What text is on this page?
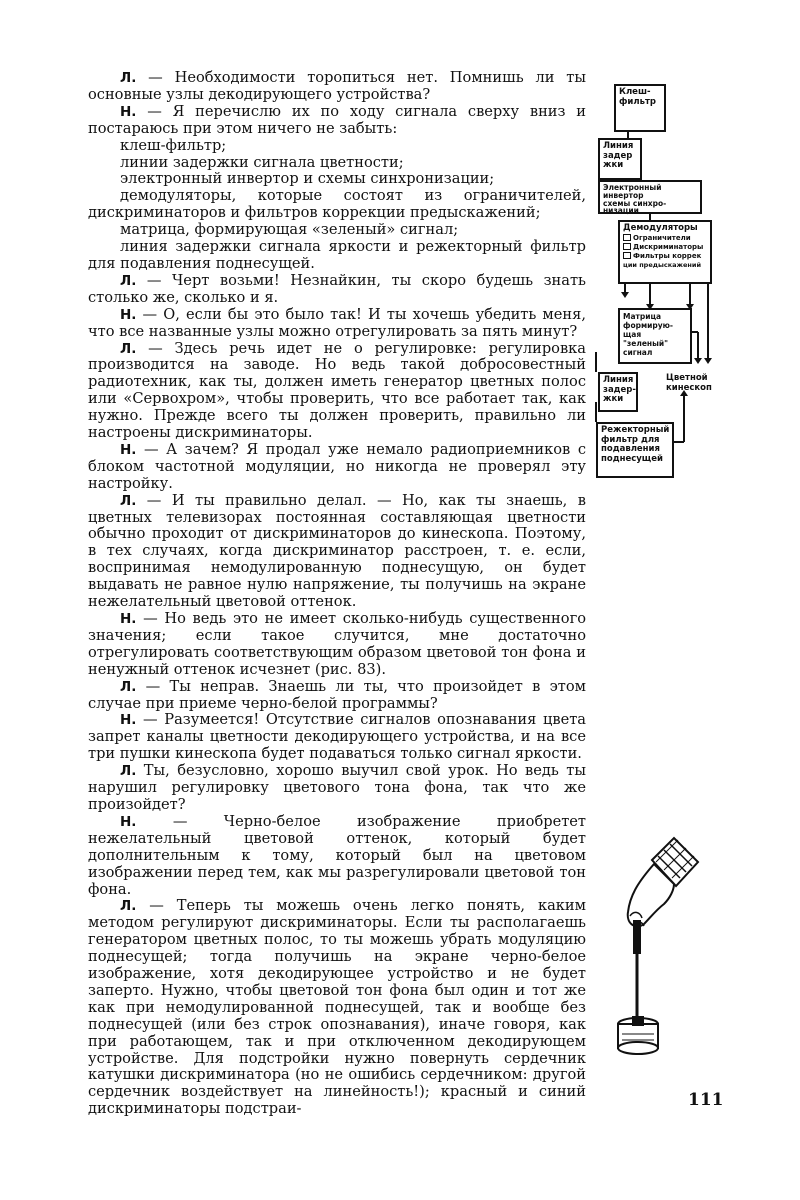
Л. — Необходимости торопиться нет. Помнишь ли ты основные узлы декодирующего устройства?

Н. — Я перечислю их по ходу сигнала сверху вниз и постараюсь при этом ничего не забыть:

клеш-фильтр;

линии задержки сигнала цветности;

электронный инвертор и схемы синхронизации;

демодуляторы, которые состоят из ограничителей, дискриминаторов и фильтров коррекции предыскажений;

матрица, формирующая «зеленый» сигнал;

линия задержки сигнала яркости и режекторный фильтр для подавления поднесущей.

Л. — Черт возьми! Незнайкин, ты скоро будешь знать столько же, сколько и я.

Н. — О, если бы это было так! И ты хочешь убедить меня, что все названные узлы можно отрегулировать за пять минут?

Л. — Здесь речь идет не о регулировке: регулировка производится на заводе. Но ведь такой добросовестный радиотехник, как ты, должен иметь генератор цветных полос или «Сервохром», чтобы проверить, что все работает так, как нужно. Прежде всего ты должен проверить, правильно ли настроены дискриминаторы.

Н. — А зачем? Я продал уже немало радиоприемников с блоком частотной модуляции, но никогда не проверял эту настройку.

Л. — И ты правильно делал. — Но, как ты знаешь, в цветных телевизорах постоянная составляющая цветности обычно проходит от дискриминаторов до кинескопа. Поэтому, в тех случаях, когда дискриминатор расстроен, т. е. если, воспринимая немодулированную поднесущую, он будет выдавать не равное нулю напряжение, ты получишь на экране нежелательный цветовой оттенок.

Н. — Но ведь это не имеет сколько-нибудь существенного значения; если такое случится, мне достаточно отрегулировать соответствующим образом цветовой тон фона и ненужный оттенок исчезнет (рис. 83).

Л. — Ты неправ. Знаешь ли ты, что произойдет в этом случае при приеме черно-белой программы?

Н. — Разумеется! Отсутствие сигналов опознавания цвета запрет каналы цветности декодирующего устройства, и на все три пушки кинескопа будет подаваться только сигнал яркости.

Л. Ты, безусловно, хорошо выучил свой урок. Но ведь ты нарушил регулировку цветового тона фона, так что же произойдет?

Н. — Черно-белое изображение приобретет нежелательный цветовой оттенок, который будет дополнительным к тому, который был на цветовом изображении перед тем, как мы разрегулировали цветовой тон фона.

Л. — Теперь ты можешь очень легко понять, каким методом регулируют дискриминаторы. Если ты располагаешь генератором цветных полос, то ты можешь убрать модуляцию поднесущей; тогда получишь на экране черно-белое изображение, хотя декодирующее устройство и не будет заперто. Нужно, чтобы цветовой тон фона был один и тот же как при немодулированной поднесущей, так и вообще без поднесущей (или без строк опознавания), иначе говоря, как при работающем, так и при отключенном декодирующем устройстве. Для подстройки нужно повернуть сердечник катушки дискриминатора (но не ошибись сердечником: другой сердечник воздействует на линейность!); красный и синий дискриминаторы подстраи-

Клеш-
фильтр
Линия
задер
жки
Электронный
инвертор
схемы синхро-
низации
Демодуляторы
Ограничители
Дискриминаторы
Фильтры коррек
ции предыскажений
Матрица
формирую-
щая
"зеленый"
сигнал
Линия
задер-
жки
Цветной
кинескоп
Режекторный
фильтр для
подавления
поднесущей
111
